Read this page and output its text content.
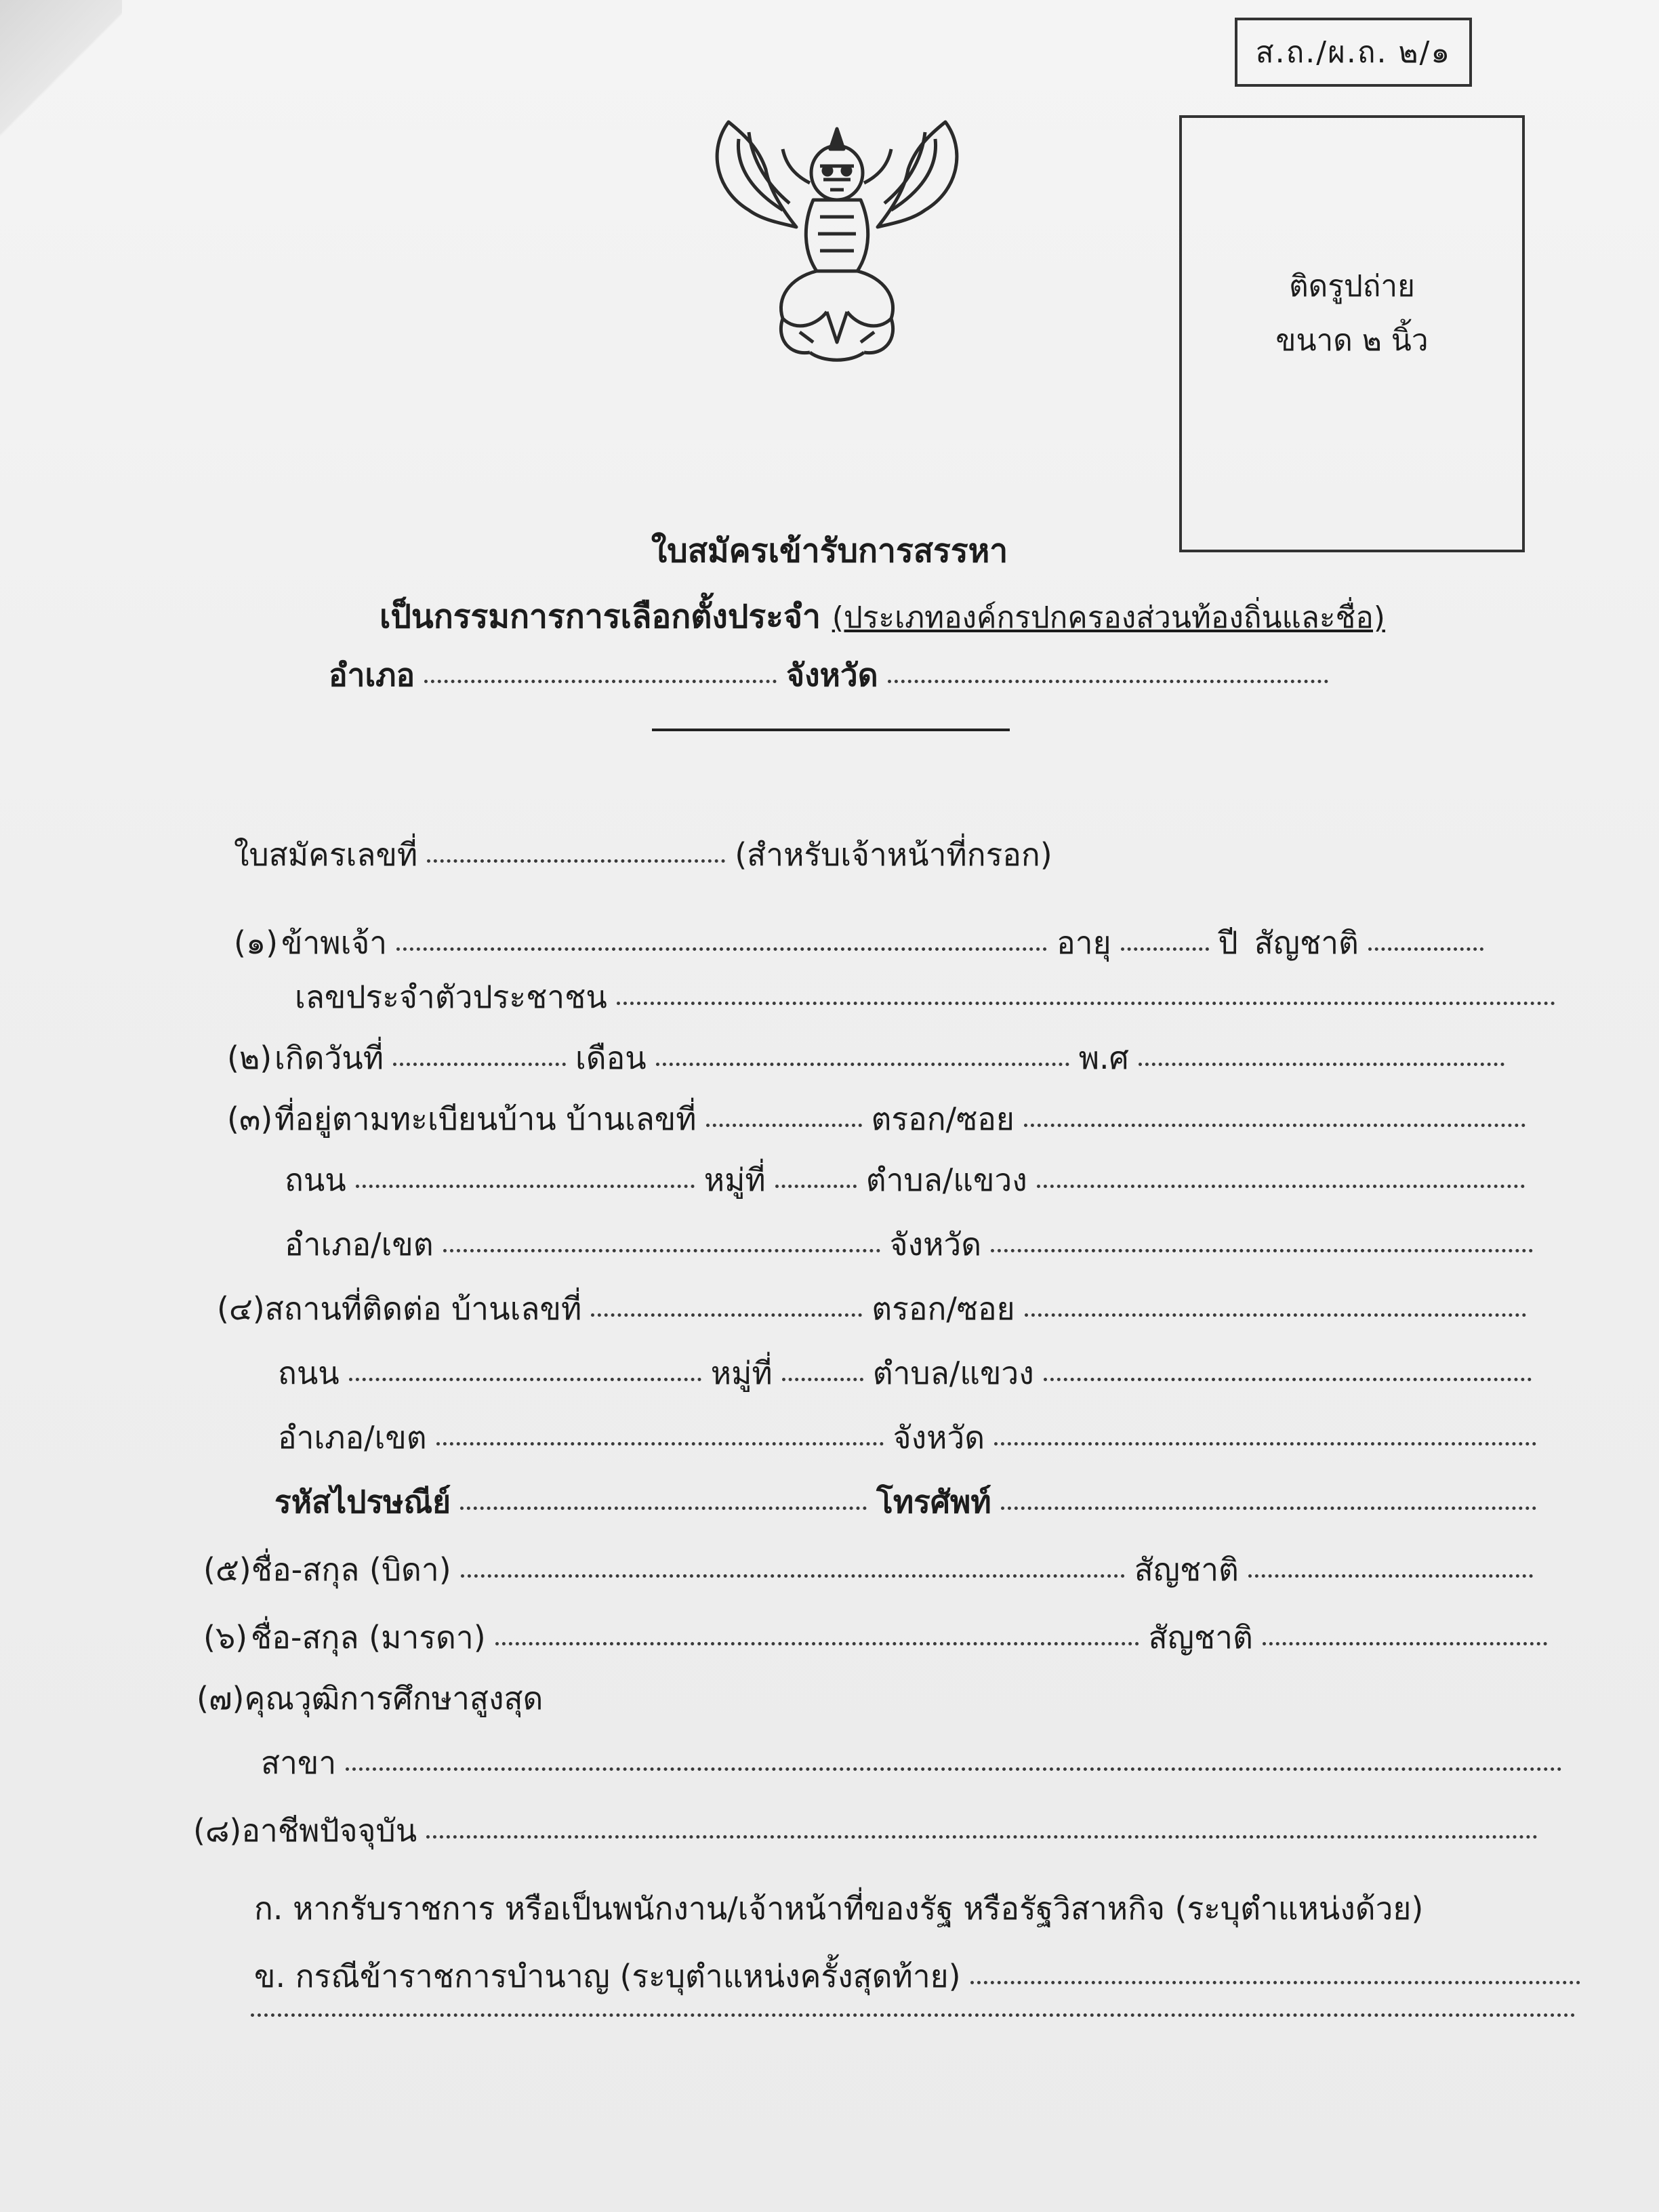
ส.ถ./ผ.ถ. ๒/๑
ติดรูปถ่าย
ขนาด ๒ นิ้ว
ใบสมัครเข้ารับการสรรหา
เป็นกรรมการการเลือกตั้งประจำ (ประเภทองค์กรปกครองส่วนท้องถิ่นและชื่อ)
อำเภอ	จังหวัด
ใบสมัครเลขที่	(สำหรับเจ้าหน้าที่กรอก)
(๑) ข้าพเจ้า	อายุ	ปี สัญชาติ
เลขประจำตัวประชาชน
(๒) เกิดวันที่	เดือน	พ.ศ
(๓) ที่อยู่ตามทะเบียนบ้าน บ้านเลขที่	ตรอก/ซอย
ถนน	หมู่ที่	ตำบล/แขวง
อำเภอ/เขต	จังหวัด
(๔) สถานที่ติดต่อ บ้านเลขที่	ตรอก/ซอย
ถนน	หมู่ที่	ตำบล/แขวง
อำเภอ/เขต	จังหวัด
รหัสไปรษณีย์	โทรศัพท์
(๕) ชื่อ-สกุล (บิดา)	สัญชาติ
(๖) ชื่อ-สกุล (มารดา)	สัญชาติ
(๗) คุณวุฒิการศึกษาสูงสุด
สาขา
(๘) อาชีพปัจจุบัน
ก. หากรับราชการ หรือเป็นพนักงาน/เจ้าหน้าที่ของรัฐ หรือรัฐวิสาหกิจ (ระบุตำแหน่งด้วย)
ข. กรณีข้าราชการบำนาญ (ระบุตำแหน่งครั้งสุดท้าย)
